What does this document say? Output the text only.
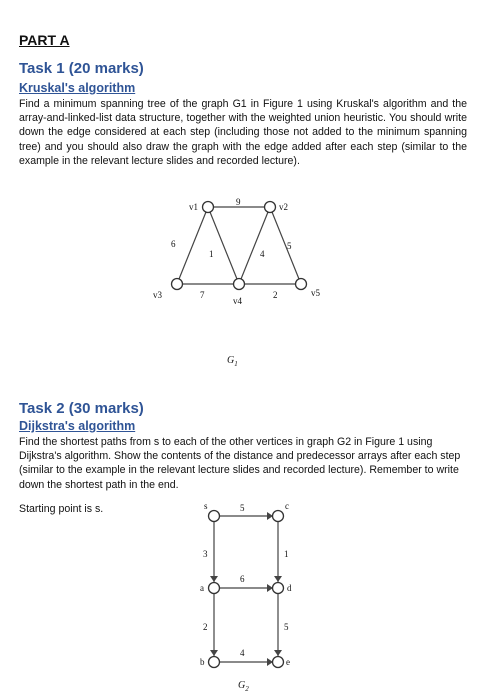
PART A
Task 1 (20 marks)
Kruskal's algorithm

Find a minimum spanning tree of the graph G1 in Figure 1 using Kruskal's algorithm and the array-and-linked-list data structure, together with the weighted union heuristic. You should write down the edge considered at each step (including those not added to the minimum spanning tree) and you should also draw the graph with the edge added after each step (similar to the example in the relevant lecture slides and recorded lecture).

9
6
1	4
5
7	2
v1	v2
v3
v4
v5
$G_1$
5
3	1
6
2	5
4
s	c
a	d
b	e
$G_2$
Task 2 (30 marks)
Dijkstra's algorithm

Find the shortest paths from s to each of the other vertices in graph G2 in Figure 1 using Dijkstra's algorithm. Show the contents of the distance and predecessor arrays after each step (similar to the example in the relevant lecture slides and recorded lecture). Remember to write down the shortest path in the end.

Starting point is s.
